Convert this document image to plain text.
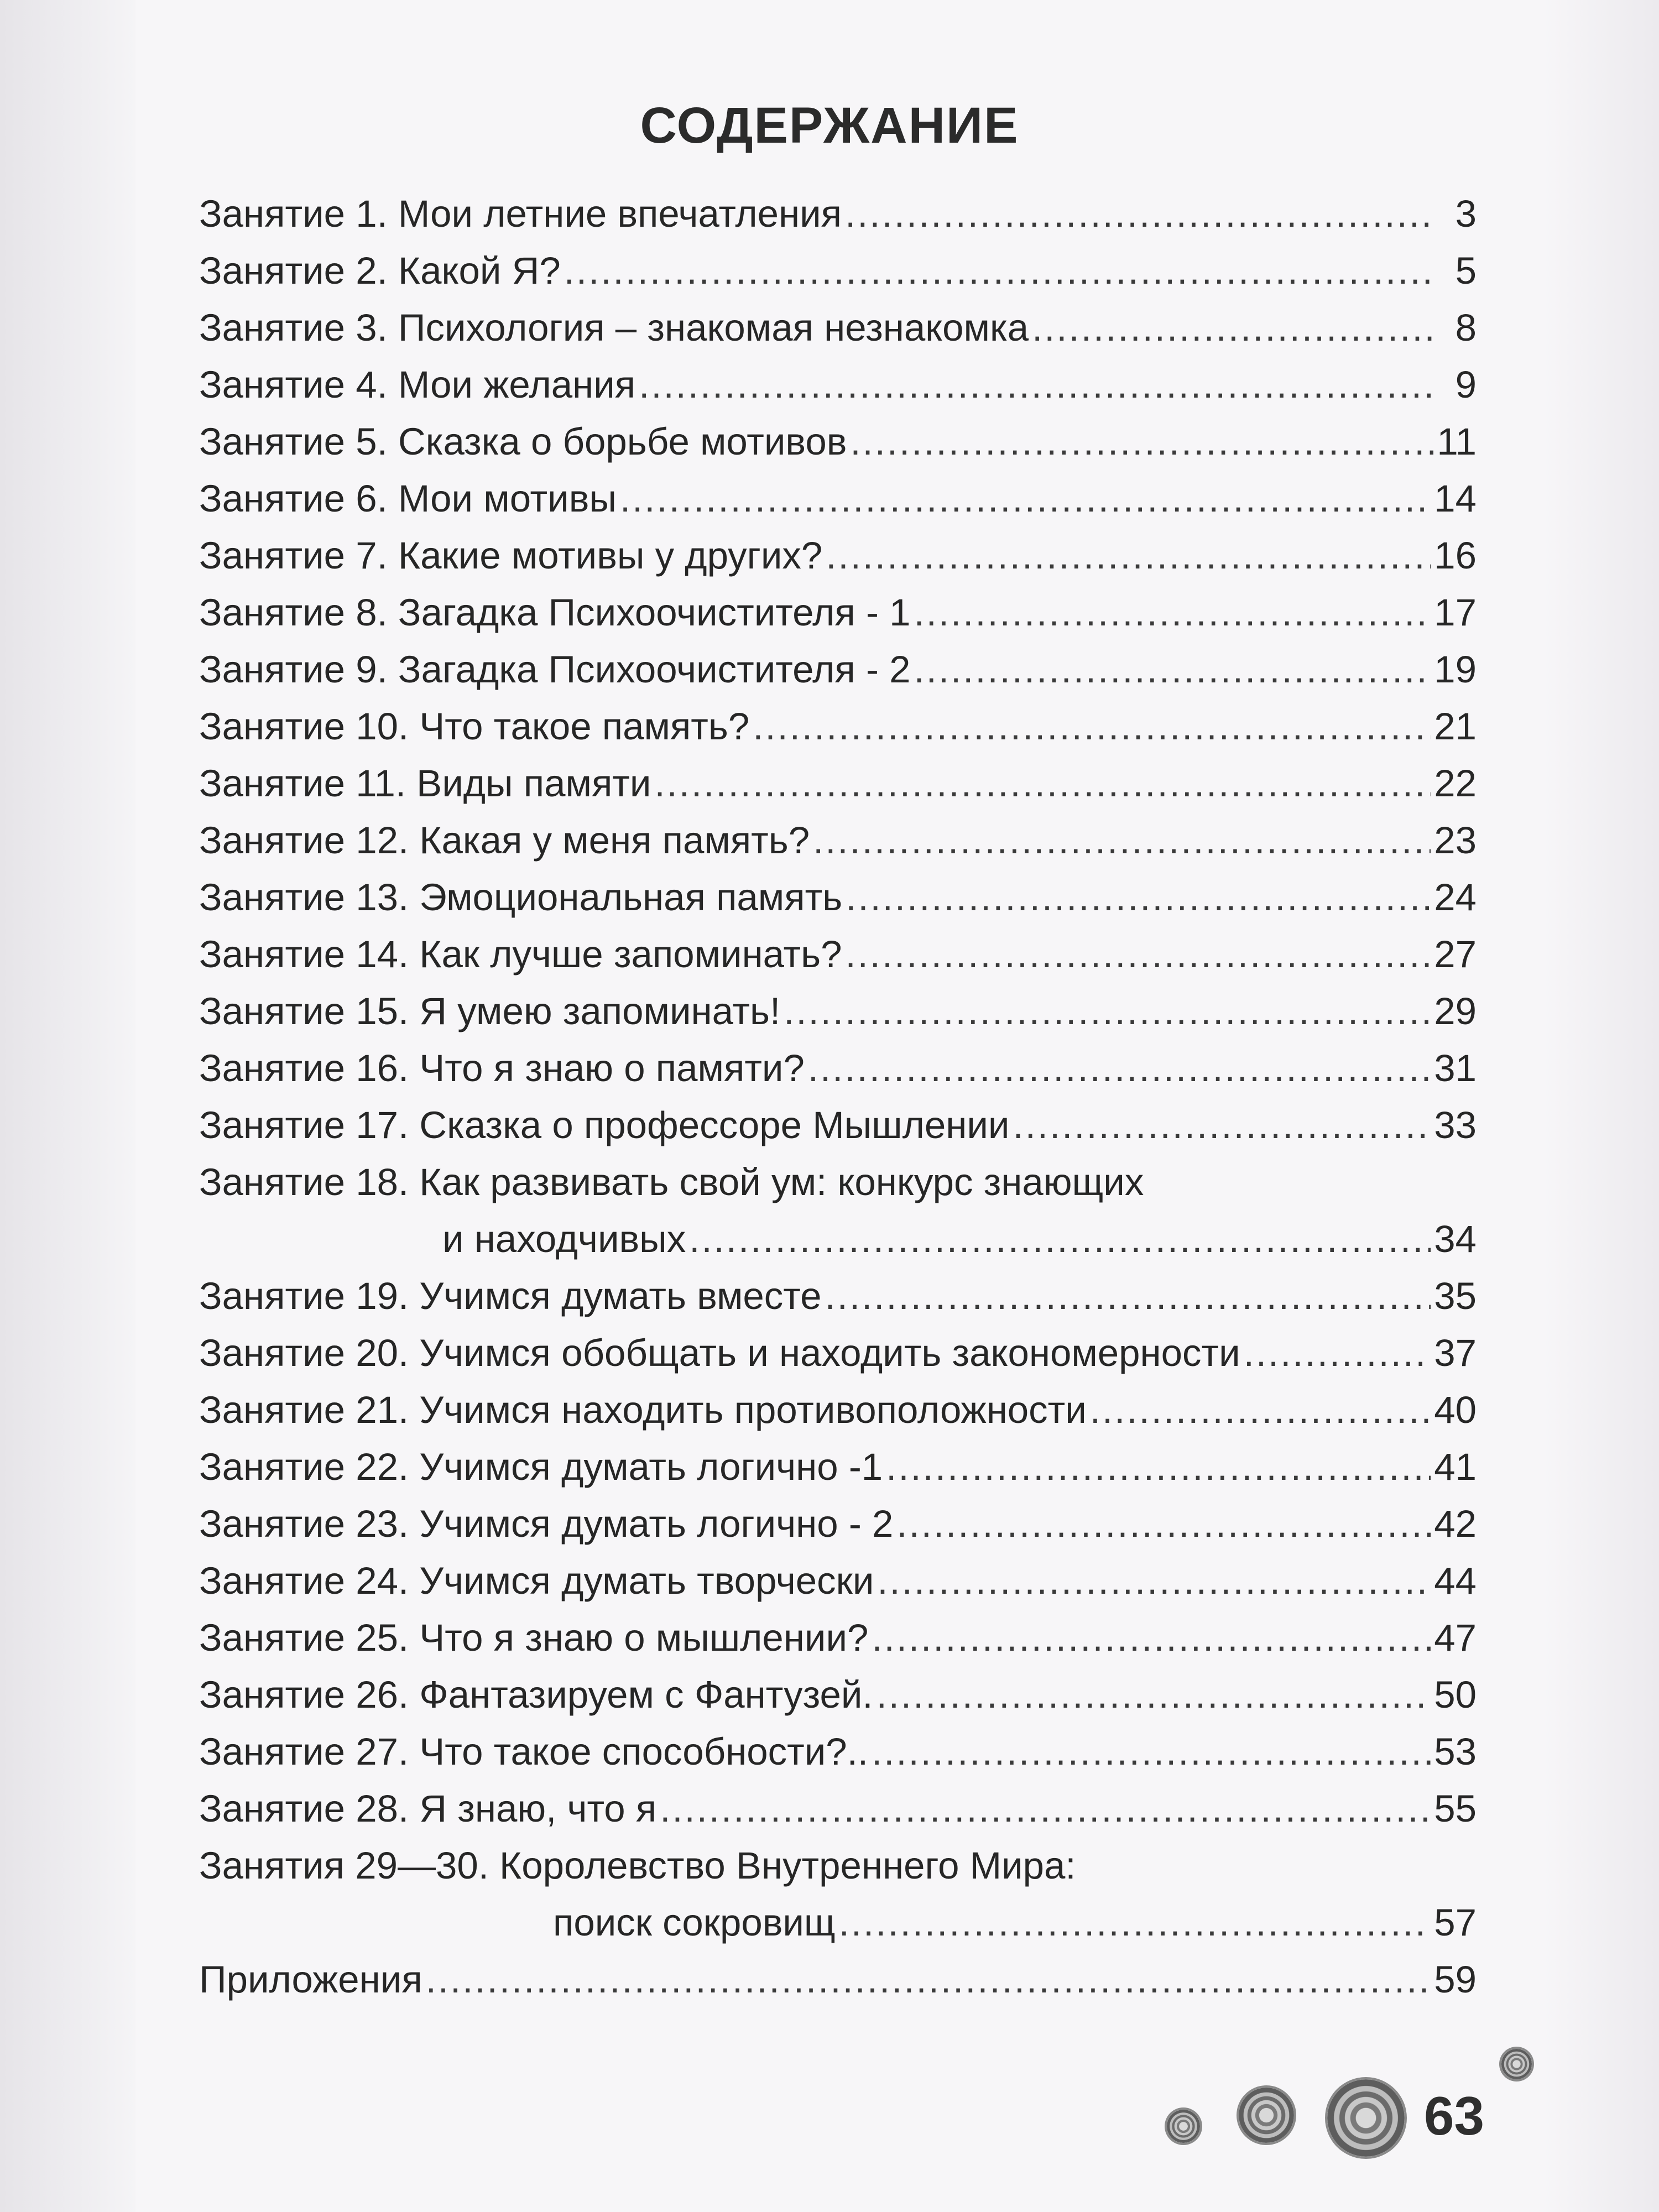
СОДЕРЖАНИЕ
Занятие 1. Мои летние впечатления .....	3
Занятие 2. Какой Я? .....	5
Занятие 3. Психология – знакомая незнакомка .....	8
Занятие 4. Мои желания .....	9
Занятие 5. Сказка о борьбе мотивов .....	11
Занятие 6. Мои мотивы .....	14
Занятие 7. Какие мотивы у других? .....	16
Занятие 8. Загадка Психоочистителя - 1 .....	17
Занятие 9. Загадка Психоочистителя - 2 .....	19
Занятие 10. Что такое память? .....	21
Занятие 11. Виды памяти .....	22
Занятие 12. Какая у меня память? .....	23
Занятие 13. Эмоциональная память .....	24
Занятие 14. Как лучше запоминать? .....	27
Занятие 15. Я умею запоминать! .....	29
Занятие 16. Что я знаю о памяти? .....	31
Занятие 17. Сказка о профессоре Мышлении .....	33
Занятие 18. Как развивать свой ум: конкурс знающих
и находчивых .....	34
Занятие 19. Учимся думать вместе .....	35
Занятие 20. Учимся обобщать и находить закономерности .....	37
Занятие 21. Учимся находить противоположности .....	40
Занятие 22. Учимся думать логично -1 .....	41
Занятие 23. Учимся думать логично - 2 .....	42
Занятие 24. Учимся думать творчески .....	44
Занятие 25. Что я знаю о мышлении? .....	47
Занятие 26. Фантазируем с Фантузей. .....	50
Занятие 27. Что такое способности?.. .....	53
Занятие 28. Я знаю, что я .....	55
Занятия 29—30. Королевство Внутреннего Мира:
поиск сокровищ .....	57
Приложения .....	59
63
